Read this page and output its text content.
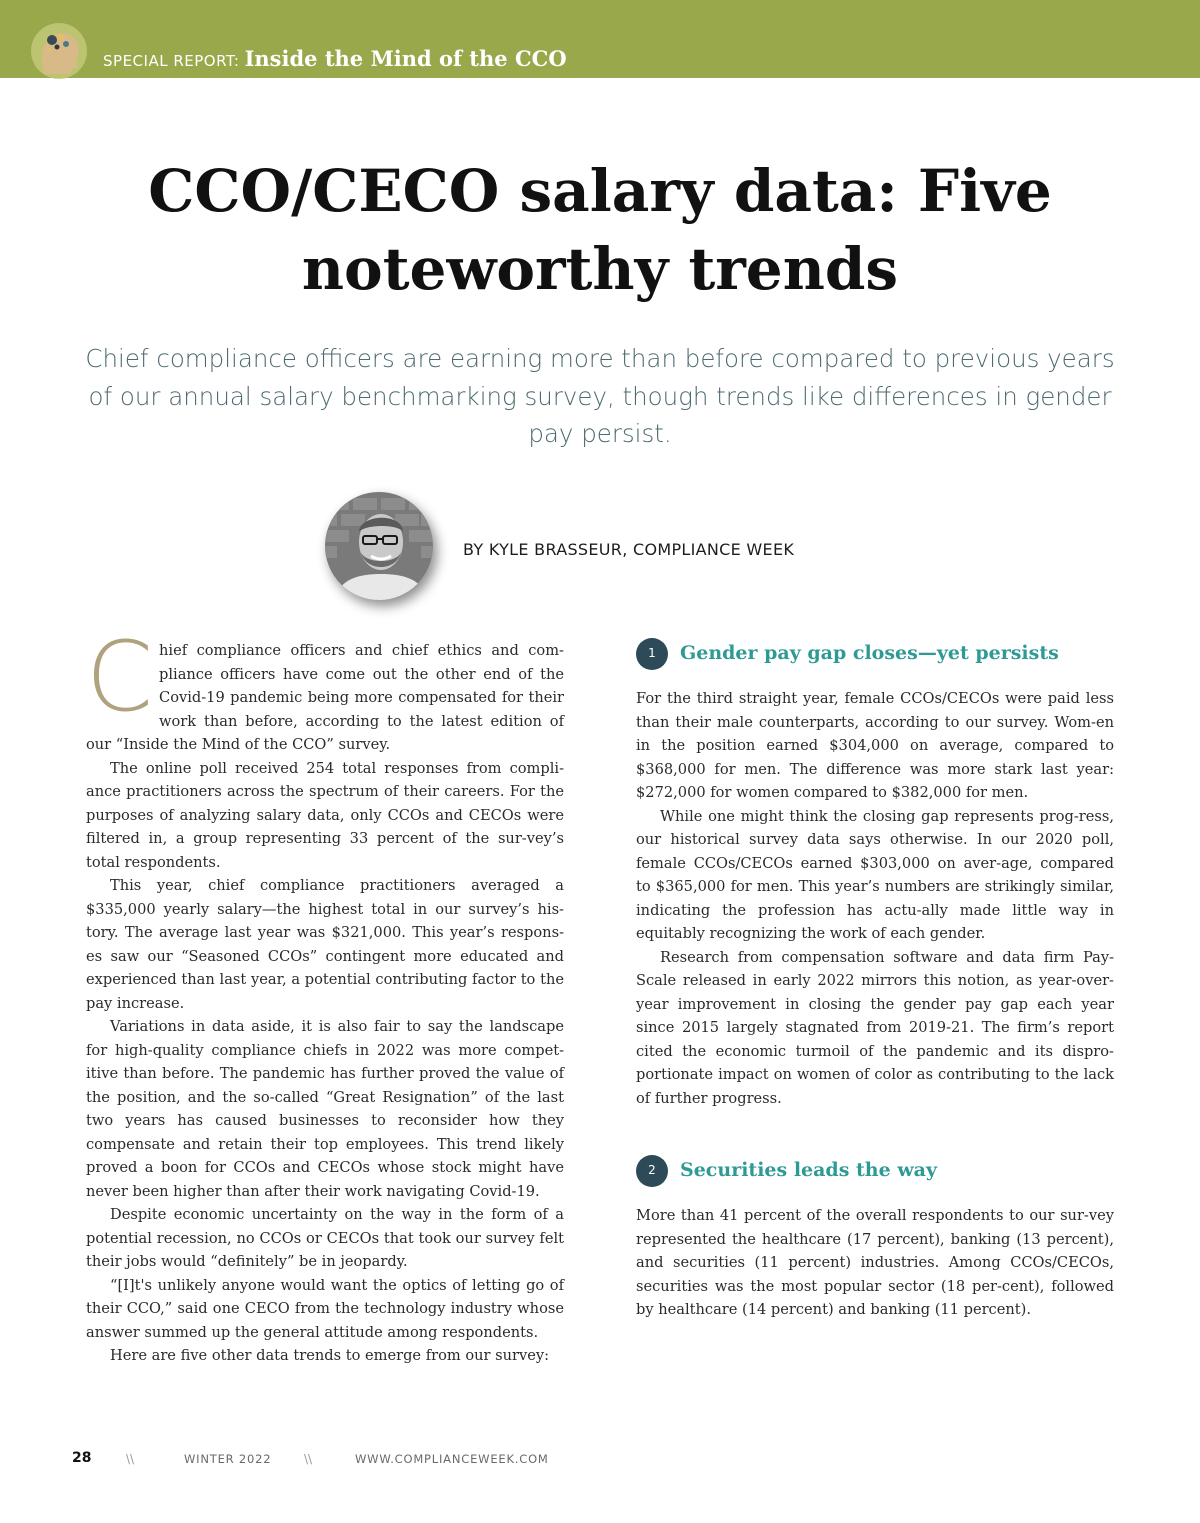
SPECIAL REPORT: Inside the Mind of the CCO
CCO/CECO salary data: Five noteworthy trends

Chief compliance officers are earning more than before compared to previous years of our annual salary benchmarking survey, though trends like differences in gender pay persist.

BY KYLE BRASSEUR, COMPLIANCE WEEK

Chief compliance officers and chief ethics and com-pliance officers have come out the other end of the Covid-19 pandemic being more compensated for their work than before, according to the latest edition of our “Inside the Mind of the CCO” survey.

The online poll received 254 total responses from compli-ance practitioners across the spectrum of their careers. For the purposes of analyzing salary data, only CCOs and CECOs were filtered in, a group representing 33 percent of the sur-vey’s total respondents.

This year, chief compliance practitioners averaged a $335,000 yearly salary—the highest total in our survey’s his-tory. The average last year was $321,000. This year’s respons-es saw our “Seasoned CCOs” contingent more educated and experienced than last year, a potential contributing factor to the pay increase.

Variations in data aside, it is also fair to say the landscape for high-quality compliance chiefs in 2022 was more compet-itive than before. The pandemic has further proved the value of the position, and the so-called “Great Resignation” of the last two years has caused businesses to reconsider how they compensate and retain their top employees. This trend likely proved a boon for CCOs and CECOs whose stock might have never been higher than after their work navigating Covid-19.

Despite economic uncertainty on the way in the form of a potential recession, no CCOs or CECOs that took our survey felt their jobs would “definitely” be in jeopardy.

“[I]t's unlikely anyone would want the optics of letting go of their CCO,” said one CECO from the technology industry whose answer summed up the general attitude among respondents.

Here are five other data trends to emerge from our survey:

1	Gender pay gap closes—yet persists

For the third straight year, female CCOs/CECOs were paid less than their male counterparts, according to our survey. Wom-en in the position earned $304,000 on average, compared to $368,000 for men. The difference was more stark last year: $272,000 for women compared to $382,000 for men.

While one might think the closing gap represents prog-ress, our historical survey data says otherwise. In our 2020 poll, female CCOs/CECOs earned $303,000 on aver-age, compared to $365,000 for men. This year’s numbers are strikingly similar, indicating the profession has actu-ally made little way in equitably recognizing the work of each gender.

Research from compensation software and data firm Pay-Scale released in early 2022 mirrors this notion, as year-over-year improvement in closing the gender pay gap each year since 2015 largely stagnated from 2019-21. The firm’s report cited the economic turmoil of the pandemic and its dispro-portionate impact on women of color as contributing to the lack of further progress.

2	Securities leads the way

More than 41 percent of the overall respondents to our sur-vey represented the healthcare (17 percent), banking (13 percent), and securities (11 percent) industries. Among CCOs/CECOs, securities was the most popular sector (18 per-cent), followed by healthcare (14 percent) and banking (11 percent).

28	\\	WINTER 2022	\\	WWW.COMPLIANCEWEEK.COM
